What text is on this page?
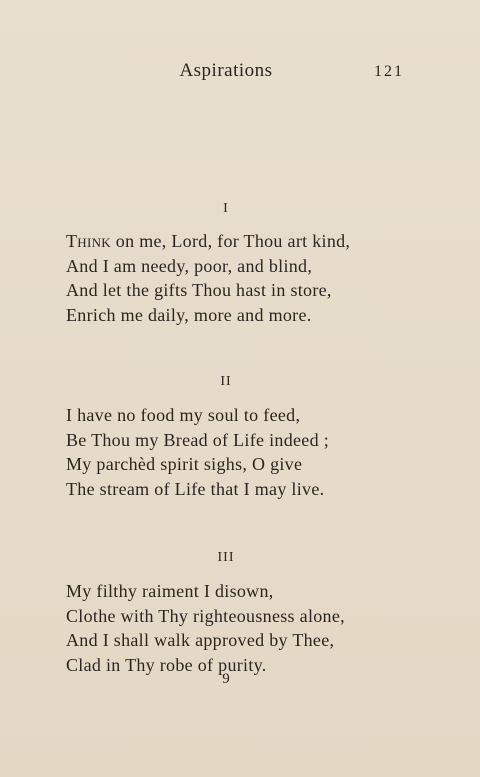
Aspirations	121
I
Think on me, Lord, for Thou art kind,
And I am needy, poor, and blind,
And let the gifts Thou hast in store,
Enrich me daily, more and more.
II
I have no food my soul to feed,
Be Thou my Bread of Life indeed ;
My parchèd spirit sighs, O give
The stream of Life that I may live.
III
My filthy raiment I disown,
Clothe with Thy righteousness alone,
And I shall walk approved by Thee,
Clad in Thy robe of purity.
9
